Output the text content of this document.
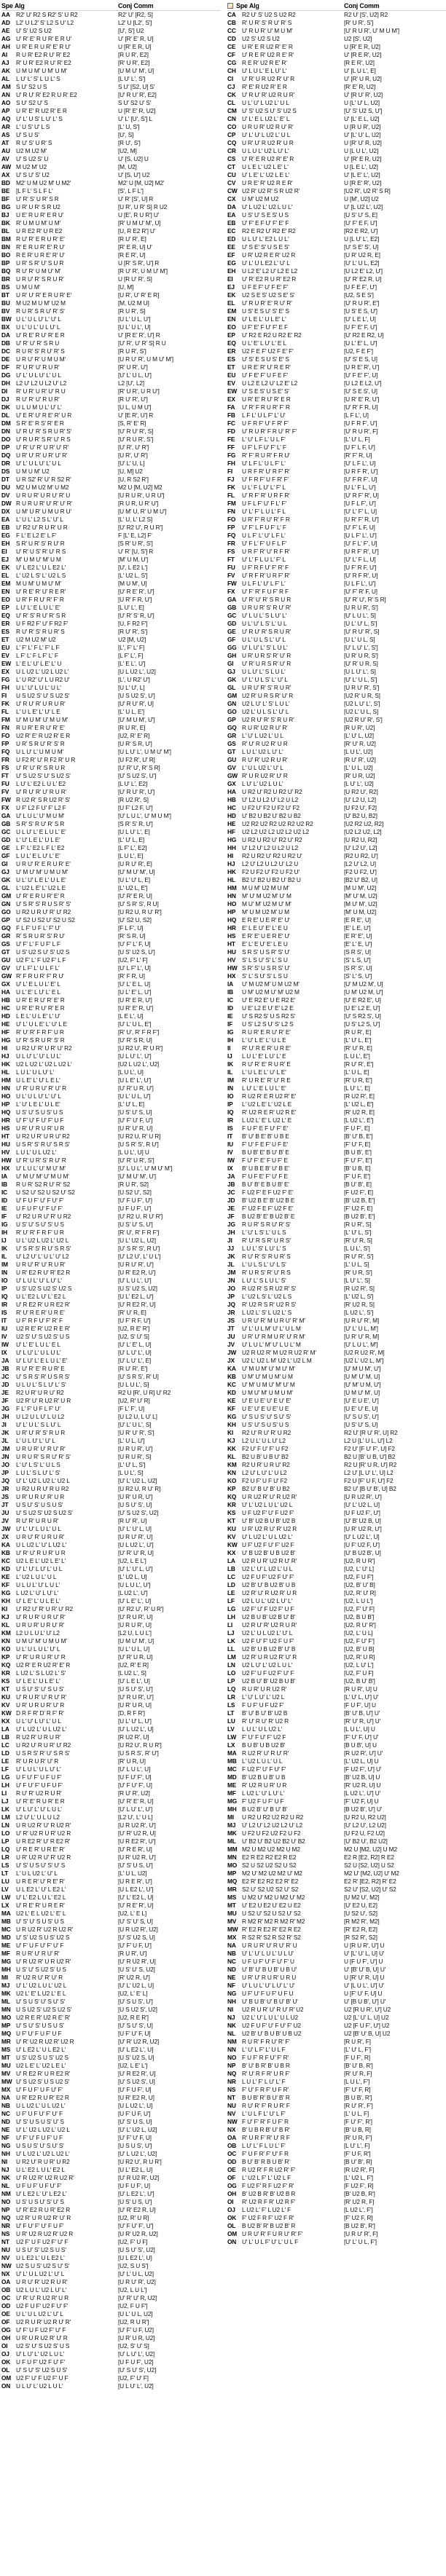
Spe Alg	Conj Comm
AA	R2' U' R2 S R2' S' U R2	R2' U' [R2, S]
AD	L2' U L2' S' L2 S U' L2	L2' U [L2', S']
AE	U' S' U2 S U2	[U', S'] U2
AG U' R' E' R U R' E R U'	U' [R' E' R, U]
AH	U R' E R U R' E' R U'	U [R' E R, U]
AI	R U R' E2 R U' R' E2	[R U R', E2]
AJ	R' U R' E2 R U' R' E2	[R' U R', E2]
AK	U M U M' U M' U M'	[U M U' M', U]
AL	L U' L' S' L U L' S	[L U' L', S']
AM S U' S2 U S	S U' [S2, U] S'
AN	U' R U' R' E2 R U R' E2	[U' R U' R', E2]
AO S U' S2 U' S	S U' S2 U' S'
AP	U R' E' R U2 R' E R	U [R' E' R, U2]
AQ U' L' U S' L U' L' S	U' L' [U', S'] L
AR	L' U S' U' L S	[L' U, S']
AS	U' S U S'	[U', S]
AT	R U' S' U R' S	[R U', S']
AU	U2 M U2 M'	[U2, M]
AV	U' S U2 S' U	U' [S, U2] U
AW M U2 M' U2	[M, U2]
AX	U' S U' S' U2	U' [S, U'] U2
BD	M2' U M U2 M' U M2'	M2' U [M, U2] M2'
BE	[L F L' S L F L'	[S', L F L']
BF	U' R' S' U R' S R	U' R' [S', U] R
BG U R' U R' S R U2	[U R', U R' S] R U2
BJ	U E' R U R' E R U'	U [E', R U R'] U'
BK	R' U M U M' U M'	[R' U M U' M', U]
BL	U R E2 R' U R E2	[U, R E2 R'] U'
BM R U' R' E R U R' E'	[R U' R', E]
BN	R' E R U R' E' R U'	[R' E R, U] U'
BO R E R' U R E' R' U'	[R E R', U]
BP	U R' S R' U' S U R	U [R' S R', U'] R
BQ R U' R' U M U' M'	[R U' R', U M U' M']
BR	U R U' R' S R U R'	U [R U' R', S]
BS	U M U M'	[U, M]
BT	U R' U' R' E R U R' E'	[U R', U' R' E R]
BU	M U2 M U M' U2 M	[M, U2 M U]
BV	R U R' S R U' R' S'	[R U R', S]
BW U L' U L U' L' U' L	[U L' U L, U']
BX	U L' U L' U L U' L	[U L' U L', U]
DA	U' R E' R U' R' E R	U' [R E' R', U'] R
DB	U' R' U' R' S R U	[U' R', U' R' S] R U
DC	R U R' S' R U' R' S	[R U R', S']
DE	U R U' R' U M U M'	[U R U' R', U M U' M']
DF	R' U R' U' R U R'	[R' U R', U']
DG U' L' U L U' L' U L	[U' L' U L, U']
DH	L2 U' L2 U L2 U' L2	L2 [U', L2]
DI	R' U R' U R' U' R U	[R' U R', U R U']
DJ	R U' R' U' R U R'	[R U' R', U']
DK	U L U M U L' U' L'	[U L, U M U']
DL	U' E R' U' R E' R' U R	U' [E R', U'] R
DM S R' E' R S' R' E R	[S, R' E' R]
DN	U' R U' R' S R U R' S'	[U' R U' R', S]
DO U' R U R' S R' U' R S	[U' R U R', S']
DP	U' R' U' R' U R' U' R'	[U' R', U' R']
DQ U R' U' R' U R' U' R'	[U R', U' R']
DR	U' L' U L U' L' U L	[U' L' U, L]
DS	U M U M' U2	[U, M] U2
DT	U R S2' R' U' R S2 R'	[U, R S2 R']
DU	M2 U M U2 M' U M2	M2 U [M, U2] M2
DV	U R U R' U R U' R' U	[U R U R', U R U']
DW R U R U R' U' R' U' R'	[R U R, U R' U']
DX	U M' U R' U M U R U'	[U M' U, R' U M U']
EA	L' U L' L2 S L' U' L	[L' U, L' L2 S]
EB	U' R2 U' R U R' U R	[U' R2 U', R U R']
EG F L' E L2 E' L F'	F [L' E, L2] F'
EH	S R' U R' S' R U' R	[S R' U R', S']
EI	U' R' U S' R' U' R S	U' R' [U, S'] R
EJ	M' U M U' M' U M	[M' U M, U']
EK	U' L E2 L' U L E2 L'	[U', L E2 L']
EL	L' U2 L S' L' U2 L S	[L' U2 L, S']
EM M U M' U M U' M'	[M U M', U]
EN	U' R E' R' U' R E R'	[U' R E' R', U']
EO U R' F R U' R' F' R	[U R' F R, U']
EP	L U' L' E L U L' E'	[L U' L', E]
EQ U' R' S' R U' R' S R	[U' R' S' R, U']
ER	U F R2 F' U' F R2 F'	[U, F R2 F']
ES	R U' R' S' R U R' S	[R U' R', S']
ET	U2 M U2 M' U2	U2 [M, U2]
EU	L' F' L' F L' F' L F	[L', F' L' F]
EV	L F' L' F L F' L' F	[L F' L', F]
EW L' E L' U' L E' L' U	[L' E L', U']
EX	U L U2 L' U2 L U2 L'	[U L U2 L', U2]
FG	L' U R2' U' L U R2 U'	[L', U R2' U']
FH	U L' U' L U L' U L'	[U L' U', L]
FI	U S U2 S' U' S U2 S'	[U S U2 S', U']
FK	U' R U' R' U R U R'	[U' R U' R', U]
FL	L' U L E' L' U' L E	[L' U L, E']
FM	U' M U M' U' M U M'	[U' M U M', U']
FN	R U R' E R U' R' E'	[R U R', E]
FO	U2 R' E' R U2 R' E R	[U2, R' E' R]
FP	U R' S R U' R' S' R	[U R' S R, U']
FQ	U L U' L' U M U M'	[U L U' L', U M U' M']
FR	U F2 R' U' R F2 R' U R	[U F2 R', U' R]
FS	U' R' U' R' S R U R	[U' R' U', R' S R]
FT	U' S U2 S' U' S U2 S'	[U' S U2 S', U']
FU	L U' L' E2 L U L' E2	[L U' L', E2]
FV	U' R U' R' U' R U R'	[U' R U' R', U']
FW R U2 R' S R U2 R' S'	[R U2 R', S]
FX	U F' L2 F U' F' L2 F	[U F' L2 F, U']
GA U' L U L' U' M U M'	[U' L U L', U' M U M']
GB S R' S' R U' R' S R	[S R' S' R, U']
GC U L U' L' E L U L' E'	[U L U' L', E]
GD L' U' L E L' U L E'	[L' U' L, E]
GE L F' L' E2 L F L' E2	[L F' L', E2]
GF	L U L' E L U' L' E'	[L U L', E]
GI	U R U' R' E R U R' E'	[U R U' R', E]
GJ	U' M U' M' U M U M'	[U' M U' M', U]
GK U L' U' L E L' U L E'	[U L' U' L, E]
GL	L' U2 L E' L' U2 L E	[L' U2 L, E']
GM U' R' E R U R' E' R	[U' R' E R, U]
GN U' S R' S' R U S R' S'	[U' S R' S', R U]
GO U R2 U R U' R' U' R2	[U R2 U, R U' R']
GP U' S2 U S2 U' S2 U S2	[U' S2 U, S2]
GQ F L F' U F L' F' U'	[F L F', U]
GR R' S R U R' S' R U'	[R' S R, U]
GS U' F' L' F U F' L F	[U' F' L' F, U]
GT	U S' U2 S U' S' U2 S	[U S' U2 S, U']
GU U2 F' L' F U2 F' L F	[U2, F' L' F]
GV U' L F' L' U L F L'	[U' L F' L', U]
GW R' F R U R' F' R U'	[R' F R, U]
GX U' L' E L U L' E' L	[U' L' E L, U]
HA	U L' E' L U' L' E L	[U L' E' L, U']
HB	U R' E R U' R' E' R	[U R' E R, U']
HC	U R' E' R U' R' E R	[U R' E' R, U']
HD	L E L' U L E' L' U'	[L E L', U]
HE	U' L' U L E' L' U' L E	[U' L' U L, E']
HF	R' U' R' F R F' U R	[R' U', R' F R F']
HG U' R' S R U R' S' R	[U' R' S R, U]
HI	U R2 U' R' U R' U' R2	[U R2 U', R' U R']
HJ	U L U' L' U' L U L'	[U L U' L', U']
HK	U2 L U2 L' U2 L U2 L'	[U2 L U2 L', U2]
HL	L U L' U L U' L'	[L U L', U]
HM U L E' L' U' L E L'	[U L E' L', U']
HN	U' R' U R U' R' U' R	[U' R' U R, U']
HO U L' U L U' L' U' L	[U L' U L, U']
HP	L' U' L E L' U L E'	[L' U' L, E]
HQ U S' U' S U S' U S	[U S' U' S, U]
HR	U' F' U' F U' F' U F	[U' F' U' F, U']
HS	U R' U' R U R' U R	[U R' U' R, U]
HT	U R2 U R' U R U' R2	[U R2 U, R' U R]
HU	U S R' S' R U' S R S'	[U S R' S', R U']
HV	L U L' U L U2 L'	[L U L', U] U
HW U' R' U R' S' R U' R	[U' R' U R', S']
HX	U' L U L' U' M U' M'	[U' L U L', U' M U' M']
IA	U' M U' M' U' M U M'	[U' M U' M', U']
IB	R U R' S2 R U' R' S2	[R U R', S2]
IC	U S2 U' S2 U S2 U' S2	[U S2 U', S2]
ID	U' F U F' U' F U' F'	[U' F U F', U']
IE	U F U F' U' F U' F'	[U F U F', U']
IF	U' R2 U R U' R' U R2	[U' R2 U, R U' R']
IG	U S' U' S U' S' U S	[U S' U' S, U']
IH	R' U' R' F R F' U R	[R' U', R' F R F']
IJ	U L' U2 L U2 L' U2 L	[U L' U2 L, U2]
IK	U' S R' S' R U' S R S'	[U' S R' S', R U']
IL	U' L2 U' L' U L' U' L2	[U' L2 U', L' U L']
IM	U R U' R' U' R U R'	[U R U' R', U']
IN	U R' E2 R U' R' E2 R	[U R' E2 R, U']
IO	U' L U L' U' L U' L'	[U' L U L', U']
IP	U S' U2 S U2 S' U2 S	[U S' U2 S, U2]
IQ	U L' E2 L U' L' E2 L	[U L' E2 L, U']
IR	U' R E2 R' U R E2 R'	[U' R E2 R', U]
IS	R' U' R E R' U R E'	[R' U' R, E]
IT	U F' R F U' F' R' F	[U F' R F, U']
IU	U2 R E' R' U2 R E R'	[U2, R E' R']
IV	U2 S' U' S U2 S' U S	[U2, S' U' S]
IW	U' L' E' L U L' E L	[U' L' E' L, U]
IX	U' L U' L' U L U L'	[U' L U' L', U]
JA	U' L U' L' E L U L' E'	[U' L U' L', E]
JB	R U' R' E' R U R' E	[R U' R', E']
JC	U' S R S' R' U S R S'	[U' S R S', R' U]
JD	U L U L' S L U' L' S'	[U L U L', S]
JE	R2 U R' U R U' R2	R2 U [R', U R] U' R2
JF	U2 R' U' R U2 R' U R	[U2, R' U' R]
JG	F L' F' U F L F' U'	[F L' F', U]
JH	U L2 U L U' L U L2	[U L2 U, L U' L]
JI	U' L' U L' S L U' L	[U' L' U L', S]
JK	U R' U' R' S' R U R	[U R' U' R', S']
JL	L' U L U' L' U' L	[L' U L, U']
JM	U R U R' U' R U' R'	[U R U R', U']
JN	U R U R' S R U' R' S'	[U R U R', S]
JO	L' U' L S' L' U L S	[L' U' L, S']
JP	L U L' S L U' L' S'	[L U L', S]
JQ	U' L' U2 L U2 L' U2 L	[U' L' U2 L, U2]
JR	U R2 U R U' R U R2	[U R2 U, R U' R]
JS	U R' U R U' R' U R	[U R' U R, U']
JT	U S U' S' U S U S'	[U S U' S', U]
JU	U' S U2 S' U2 S U2 S'	[U' S U2 S', U2]
JV	R U' R' U R U R'	[R U' R', U]
JW U' L' U' L U L' U L	[U' L' U' L, U]
JX	U R U' R' U R U R'	[U R U' R', U]
KA	U L U2 L' U' L U2 L'	[U L U2 L', U']
KB	U' R' U' R U R' U R	[U' R' U' R, U]
KC	U2 L E L' U2 L E' L'	[U2, L E L']
KD	U' L' U' L U' L' U L	[U' L' U' L, U']
KE	L' U2 L U L' U L	[L' U2 L, U]
KF	U L U L' U' L U L'	[U L U L', U']
KG L U2 L' U' L U' L'	[L U2 L', U']
KH	U' L E' L' U L E L'	[U' L E' L', U]
KI	U' R2 U' R' U R' U' R2	[U' R2 U', R' U R']
KJ	U' R U R' U R U' R'	[U' R U R', U]
KL	U R U R' U R U' R'	[U R U R', U]
KM L2 U L U L' U' L2	[L2 U, L U L']
KN	U M U' M' U M U M'	[U M U' M', U]
KO U L' U L U L' U' L	[U L' U L, U]
KP	U' R' U R U R' U' R	[U' R' U R, U]
KQ U2 R' E R U2 R' E' R	[U2, R' E R]
KR	L U2 L' S L U2 L' S'	[L U2 L', S]
KS	U' L E L' U L E' L'	[U' L E L', U]
KT	U S U' S' U' S U S'	[U S U' S', U']
KU	U' R U R' U' R U' R'	[U' R U R', U']
KV	U R' U R U R' U' R	[U R' U R, U]
KW D R F R' D' R F' R'	[D, R F R']
KX	U L' U' L U' L' U L	[U L' U' L, U']
LA	U' L U2 L' U L U2 L'	[U' L U2 L', U]
LB	R U2 R' U R U R'	[R U2 R', U]
LC	U R2 U' R U R' U' R2	[U R2 U', R U R']
LD	U S R S' R' U' S R S'	[U S R S', R' U']
LE	R' U R U R' U' R	[R' U R, U]
LF	U' L U L' U L U' L'	[U' L U L', U]
LG	U F U' F' U F U F'	[U F U' F', U]
LH	U' F U' F' U F U F'	[U' F U' F', U]
LI	R U' R' U2 R U R'	[R U' R', U2]
LJ	U' R' E' R U R' E R	[U' R' E' R, U]
LK	U' L U' L' U' L U L'	[U' L U' L', U']
LM	L2 U' L' U L U L2	[L2 U', L' U L]
LN	U R U2 R' U' R U2 R'	[U R U2 R', U']
LO	U' R' U2 R U R' U2 R	[U' R' U2 R, U]
LP	U R E2 R' U' R E2 R'	[U R E2 R', U']
LQ	U' R E R' U R E' R'	[U' R E R', U]
LR	U R' U2 R U' R' U2 R	[U R' U2 R, U']
LS	U' S' U S U' S' U' S	[U' S' U S, U']
LT	L' U L U2 L' U' L	[L' U L, U2]
LU	U R E R' U' R E' R'	[U R E R', U']
LV	U L E2 L' U' L E2 L'	[U L E2 L', U']
LW U' L' E2 L U L' E2 L	[U' L' E2 L, U]
LX	U' R E' R' U R E R'	[U' R E' R', U]
MA U2 L' E L U2 L' E' L	[U2, L' E L]
MB U' S' U' S U S' U S	[U' S' U' S, U]
MC U R U2 R' U2 R U2 R'	[U R U2 R', U2]
MD U' S' U2 S U S' U2 S	[U' S' U2 S, U]
ME U' F' U F U' F' U' F	[U' F' U F, U']
MF	R U R' U' R U' R'	[R U R', U']
MG U' R U2 R' U R U2 R'	[U' R U2 R', U]
MH U S' U' S U2 S' U S	[U S' U' S, U2]
MI	R' U2 R U' R' U' R	[R' U2 R, U']
MJ	U' L' U2 L U L' U2 L	[U' L' U2 L, U]
MK U2 L' E' L U2 L' E L	[U2, L' E' L]
ML	U' S U S' U' S U' S'	[U' S U S', U']
MN U S U2 S' U2 S U2 S'	[U S U2 S', U2]
MO U2 R E R' U2 R E' R'	[U2, R E R']
MP U' S U' S' U S U S'	[U' S U' S', U]
MQ U F' U' F U F' U F	[U F' U' F, U]
MR U' R' U2 R U2 R' U2 R	[U' R' U2 R, U2]
MS U' L E2 L' U L E2 L'	[U' L E2 L', U]
MT	U S' U2 S U S' U2 S	[U S' U2 S, U]
MU U2 L E' L' U2 L E L'	[U2, L E' L']
MV U' R E2 R' U R E2 R'	[U' R E2 R', U]
MW U' S U2 S' U S U2 S'	[U' S U2 S', U]
MX U' F U F' U F U' F'	[U' F U F', U]
NA	U R' E2 R U R' E2 R	[U R' E2 R, U]
NB	U L U2 L' U L U2 L'	[U L U2 L', U]
NC	U F' U F U' F' U' F	[U F' U F, U']
ND	U' S' U S U S' U' S	[U' S' U S, U]
NE	U' L' U2 L U2 L' U2 L	[U' L' U2 L, U2]
NF	U' F' U' F U F' U F	[U' F' U' F, U]
NG U S U S' U' S U' S'	[U S U S', U']
NH	U' L U2 L' U2 L U2 L'	[U' L U2 L', U2]
NI	U R2 U' R U R' U R2	[U R2 U', R U R']
NJ	U L' E2 L U L' E2 L	[U L' E2 L, U]
NK	U' R U2 R' U2 R U2 R'	[U' R U2 R', U2]
NL	U F U F' U F U' F'	[U F U F', U]
NM U' L E2 L' U' L E2 L'	[U' L E2 L', U']
NO U S' U S U' S' U' S	[U S' U S, U']
NP	U' R' E2 R U R' E2 R	[U' R' E2 R, U]
NQ U2 R' U R U2 R' U' R	[U2, R' U R]
NR	U' F U' F' U' F U F'	[U' F U' F', U']
NS	U R' U2 R U2 R' U2 R	[U R' U2 R, U2]
NT	U2 F' U F U2 F' U' F	[U2, F' U F]
NU	U S U' S' U2 S U S'	[U S U' S', U2]
NV	U L E2 L' U L E2 L'	[U L E2 L', U]
NW U2 S U S' U2 S U' S'	[U2, S U S']
NX	U' L' U L U2 L' U' L	[U' L' U L, U2]
OA U R U' R' U2 R U R'	[U R U' R', U2]
OB U2 L U L' U2 L U' L'	[U2, L U L']
OC U' R' U' R U2 R' U R	[U' R' U' R, U2]
OD U2 F U F' U2 F U' F'	[U2, F U F']
OE U L' U L U2 L' U' L	[U L' U L, U2]
OF	U2 R U R' U2 R U' R'	[U2, R U R']
OG U' F' U F U2 F' U' F	[U' F' U F, U2]
OH U R' U R U2 R' U' R	[U R' U R, U2]
OI	U2 S' U' S U2 S' U S	[U2, S' U' S]
OJ	U' L U' L' U2 L U L'	[U' L U' L', U2]
OK U F U F' U2 F U' F'	[U F U F', U2]
OL	U' S U' S' U2 S U S'	[U' S U' S', U2]
OM U2 F' U' F U2 F' U F	[U2, F' U' F]
ON U L U' L' U2 L U L'	[U L U' L', U2]
Spe Alg	Conj Comm
CA	R2 U' S' U2 S U2 R2	R2 U' [S', U2] R2
CB	R' U R' S' R U' R' S	[R' U R', S']
CC	U' R U R' U' M U M'	[U' R U R', U' M U M']
CD	U2 S' U2 S U2	U2 [S', U2]
CE	U R' E R U2 R' E' R	U [R' E R, U2]
CF	U' R E R' U2 R E' R'	U' [R E R', U2]
CG R E R' U2 R E' R'	[R E R', U2]
CH	U' L U L' E L U' L'	U' [L U L', E]
CI	U' R' U R U2 R' U' R	U' [R' U R, U2]
CJ	R' E' R U2 R' E R	[R' E' R, U2]
CK	U' R U' R' U2 R U R'	U' [R U' R', U2]
CL	U L' U' L U2 L' U L	U [L' U' L, U2]
CM U' S' U2 S U' S' U2 S	[U' S' U2 S, U']
CN	U' L' E L U2 L' E' L	U' [L' E L, U2]
CO U R U R' U2 R U' R'	U [R U R', U2]
CP	U' L' U' L U2 L' U L	U' [L' U' L, U2]
CQ U R' U' R U2 R' U R	U [R' U' R, U2]
CR	U L U L' U2 L U' L'	U [L U L', U2]
CS	U' R' E R U2 R' E' R	U' [R' E R, U2]
CT	U L E L' U2 L E' L'	U [L E L', U2]
CU	U' L E' L' U2 L E L'	U' [L E' L', U2]
CV	U R E' R' U2 R E R'	U [R E' R', U2]
CW U2 R' U2 R' S R U2 R'	[U2 R', U2 R' S R]
CX	U M' U2 M U2	U [M', U2] U2
DA	U' L U2 L' U2 L U L'	U' [L U2 L', U2]
EA	U S' U' S E S' U S	[U S' U' S, E]
EB	U' F' E F U' F' E' F	[U' F' E F, U']
EC	R2 E R2 U' R2 E' R2	[R2 E R2, U']
ED	U L U' L' E2 L U L'	U [L U' L', E2]
EE	U' S E' S' U S E S'	[U' S E' S', U]
EF	U R' U2 R E R' U2 R	[U R' U2 R, E]
EG U' L' U L E2 L' U' L	[U' L' U L, E2]
EH	U L2 E' L2 U' L2 E L2	[U L2 E' L2, U']
EI	U' R' E2 R U R' E2 R	[U' R' E2 R, U]
EJ	U F E F' U' F E' F'	[U F E F', U']
EK	U2 S E S' U2 S E' S'	[U2, S E S']
EL	U' R U R' E' R U' R'	[U' R U R', E']
EM U S' E S U' S' E' S	[U S' E S, U']
EN	U' L E L' U L E' L'	[U' L E L', U]
EO U F' E' F U' F' E F	[U F' E' F, U']
EP	U' R2 E R2 U R2 E' R2	[U' R2 E R2, U]
EQ U L' E' L U' L' E L	[U L' E' L, U']
ER	U2 F E F' U2 F E' F'	[U2, F E F']
ES	U' S' E S U S' E' S	[U' S' E S, U]
ET	U R E' R' U' R E R'	[U R E' R', U']
EU	U' F E' F' U F E F'	[U' F E' F', U]
EV	U L2 E L2 U' L2 E' L2	[U L2 E L2, U']
EW U' S E S' U S E' S'	[U' S E S', U]
EX	U R' E' R U' R' E R	[U R' E' R, U']
FA	U' R' F R U R' F' R	[U' R' F R, U]
FB	L F L' U L F' L' U'	[L F L', U]
FC	U F R F' U' F R' F'	[U F R F', U']
FD	U' R U R' F R U' R' F'	[U' R U R', F]
FE	L' U' L F L' U L F'	[L' U' L, F]
FF	U F' L F U' F' L' F	[U F' L F, U']
FG	R' F' R U R' F R U'	[R' F' R, U]
FH	U' L F L' U L F' L'	[U' L F L', U]
FI	U R F R' U' R F' R'	[U R F R', U']
FJ	U' F R F' U F R' F'	[U' F R F', U]
FK	U L' F L U' L' F' L	[U L' F L, U']
FL	U' R F' R' U R F R'	[U' R F' R', U]
FM	U F L F' U' F L' F'	[U F L F', U']
FN	U' L' F' L U L' F L	[U' L' F' L, U]
FO	U R' F' R U' R' F R	[U R' F' R, U']
FP	U' F' L F U F' L' F	[U' F' L F, U]
FQ	U L F' L' U' L F L'	[U L F' L', U']
FR	U' F L' F' U F L F'	[U' F L' F', U]
FS	U R F' R' U' R F R'	[U R F' R', U']
FT	U' L' F L U L' F' L	[U' L' F L, U]
FU	U F' R F U' F' R' F	[U F' R F, U']
FV	U' R F R' U R F' R'	[U' R F R', U]
FW U L F L' U' L F' L'	[U L F L', U']
FX	U' F' R' F U F' R F	[U' F' R' F, U]
GA U' R' U' R' S R U R	[U' R' U', R' S R]
GB U R U R' S' R U' R'	[U R U R', S']
GC U' L U L' S L U' L'	[U' L U L', S]
GD U L' U' L S' L' U L	[U L' U' L, S']
GE U' R U' R' S R U R'	[U' R U' R', S]
GF	U L' U L S L' U' L	[U L' U L, S]
GG U' L U' L' S' L U L'	[U' L U' L', S']
GH U R' U R S' R' U' R	[U R' U R, S']
GI	U' R' U R S R' U' R	[U' R' U R, S]
GJ	U L U' L' S L U L'	[U L U' L', S]
GK U' L' U L S' L' U' L	[U' L' U L, S']
GL	U R U' R' S' R U R'	[U R U' R', S']
GM U2 R' U R S R' U' R	[U2 R' U R, S]
GN U2 L U' L' S' L U L'	[U2 L U' L', S']
GO U2 L' U L S L' U' L	[U2 L' U L, S]
GP U2 R U' R' S' R U R'	[U2 R U' R', S']
GQ R U R' U2 R U' R'	[R U R', U2]
GR L' U' L U2 L' U L	[L' U' L, U2]
GS R' U' R U2 R' U R	[R' U' R, U2]
GT	L U L' U2 L U' L'	[L U L', U2]
GU R U' R' U2 R U R'	[R U' R', U2]
GV L' U L U2 L' U' L	[L' U L, U2]
GW R' U R U2 R' U' R	[R' U R, U2]
GX L U' L' U2 L U L'	[L U' L', U2]
HA	U R2 U' R2 U R2 U' R2	[U R2 U', R2]
HB	U' L2 U L2 U' L2 U L2	[U' L2 U, L2]
HC	U F2 U' F2 U F2 U' F2	[U F2 U', F2]
HD	U' B2 U B2 U' B2 U B2	[U' B2 U, B2]
HE	U2 R2 U2 R2 U2 R2 U2 R2	[U2 R2 U2, R2]
HF	U2 L2 U2 L2 U2 L2 U2 L2	[U2 L2 U2, L2]
HG U R2 U R2 U' R2 U' R2	[U R2 U, R2]
HH	U' L2 U' L2 U L2 U L2	[U' L2 U', L2]
HI	R2 U R2 U' R2 U R2 U'	[R2 U R2, U']
HJ	L2 U' L2 U L2 U' L2 U	[L2 U' L2, U]
HK	F2 U F2 U' F2 U F2 U'	[F2 U F2, U']
HL	B2 U' B2 U B2 U' B2 U	[B2 U' B2, U]
HM M U M' U2 M U M'	[M U M', U2]
HN	M' U' M U2 M' U' M	[M' U' M, U2]
HO M U' M' U2 M U' M'	[M U' M', U2]
HP	M' U M U2 M' U M	[M' U M, U2]
HQ E R E' U E R' E' U'	[E R E', U]
HR	E' L E U' E' L' E U	[E' L E, U']
HS	E R' E' U E R E' U'	[E R' E', U]
HT	E' L' E U' E' L E U	[E' L' E, U']
HU	S R S' U S R' S' U'	[S R S', U]
HV	S' L S U' S' L' S U	[S' L S, U']
HW S R' S' U S R S' U'	[S R' S', U]
HX	S' L' S U' S' L S U	[S' L' S, U']
IA	U' M U2 M' U M U2 M'	[U' M U2 M', U]
IB	U M' U2 M U' M' U2 M	[U M' U2 M, U']
IC	U' E R2 E' U E R2 E'	[U' E R2 E', U]
ID	U E' L2 E U' E' L2 E	[U E' L2 E, U']
IE	U' S R2 S' U S R2 S'	[U' S R2 S', U]
IF	U S' L2 S U' S' L2 S	[U S' L2 S, U']
IG	R U R' E R U' R' E'	[R U R', E]
IH	L' U' L E' L' U L E	[L' U' L, E']
II	R' U' R E R' U R E'	[R' U' R, E]
IJ	L U L' E' L U' L' E	[L U L', E']
IK	R U' R' E' R U R' E	[R U' R', E']
IL	L' U L E L' U' L E'	[L' U L, E]
IM	R' U R E' R' U' R E	[R' U R, E']
IN	L U' L' E L U L' E'	[L U' L', E]
IO	R U2 R' E R U2 R' E'	[R U2 R', E]
IP	L' U2 L E' L' U2 L E	[L' U2 L, E']
IQ	R' U2 R E R' U2 R E'	[R' U2 R, E]
IR	L U2 L' E' L U2 L' E	[L U2 L', E']
IS	F U F' E F U' F' E'	[F U F', E]
IT	B' U' B E' B' U B E	[B' U' B, E']
IU	F' U' F E F' U F E'	[F' U' F, E]
IV	B U B' E' B U' B' E	[B U B', E']
IW	F U' F' E' F U F' E	[F U' F', E']
IX	B' U B E B' U' B E'	[B' U B, E]
JA	F' U F E' F' U' F E	[F' U F, E']
JB	B U' B' E B U B' E'	[B U' B', E]
JC	F U2 F' E F U2 F' E'	[F U2 F', E]
JD	B' U2 B E' B' U2 B E	[B' U2 B, E']
JE	F' U2 F E F' U2 F E'	[F' U2 F, E]
JF	B U2 B' E' B U2 B' E	[B U2 B', E']
JG	R U R' S R U' R' S'	[R U R', S]
JH	L' U' L S' L' U L S	[L' U' L, S']
JI	R' U' R S R' U R S'	[R' U' R, S]
JJ	L U L' S' L U' L' S	[L U L', S']
JK	R U' R' S' R U R' S	[R U' R', S']
JL	L' U L S L' U' L S'	[L' U L, S]
JM	R' U R S' R' U' R S	[R' U R, S']
JN	L U' L' S L U L' S'	[L U' L', S]
JO	R U2 R' S R U2 R' S'	[R U2 R', S]
JP	L' U2 L S' L' U2 L S	[L' U2 L, S']
JQ	R' U2 R S R' U2 R S'	[R' U2 R, S]
JR	L U2 L' S' L U2 L' S	[L U2 L', S']
JS	U R U' R' M U R U' R' M'	[U R U' R', M]
JT	U' L' U L M' U' L' U L M	[U' L' U L, M']
JU	U R' U' R M U R' U' R M'	[U R' U' R, M]
JV	U' L U L' M' U' L U L' M	[U' L U L', M']
JW U2 R U2 R' M U2 R U2 R' M'	[U2 R U2 R', M]
JX	U2 L' U2 L M' U2 L' U2 L M	[U2 L' U2 L, M']
KA	U' M U M' U' M U' M'	[U' M U M', U']
KB	U M' U' M U M' U M	[U M' U' M, U]
KC	U' M' U M U' M' U' M	[U' M' U M, U']
KD	U M U' M' U M U M'	[U M U' M', U]
KE	U' E U E' U' E U' E'	[U' E U E', U']
KF	U E' U' E U E' U E	[U E' U' E, U]
KG U' S U S' U' S U' S'	[U' S U S', U']
KH	U S' U' S U S' U S	[U S' U' S, U]
KI	R2 U' R U' R' U R2	R2 U' [R U' R', U] R2
KJ	L2 U L' U L U' L2	L2 U [L' U L, U'] L2
KK	F2 U' F U' F' U F2	F2 U' [F U' F', U] F2
KL	B2 U B' U B U' B2	B2 U [B' U B, U'] B2
KM R2 U R' U R U' R2	R2 U [R' U R, U'] R2
KN	L2 U' L U' L' U L2	L2 U' [L U' L', U] L2
KO F2 U F' U F U' F2	F2 U [F' U F, U'] F2
KP	B2 U' B U' B' U B2	B2 U' [B U' B', U] B2
KQ U R U2 R' U' R U2 R'	[U R U2 R', U']
KR	U' L' U2 L U L' U2 L	[U' L' U2 L, U]
KS	U F U2 F' U' F U2 F'	[U F U2 F', U']
KT	U' B' U2 B U B' U2 B	[U' B' U2 B, U]
KU	U R' U2 R U' R' U2 R	[U R' U2 R, U']
KV	U' L U2 L' U L U2 L'	[U' L U2 L', U]
KW U F' U2 F U' F' U2 F	[U F' U2 F, U']
KX	U' B U2 B' U B U2 B'	[U' B U2 B', U]
LA	U2 R U R' U2 R U' R'	[U2, R U R']
LB	U2 L' U' L U2 L' U L	[U2, L' U' L]
LC	U2 F U F' U2 F U' F'	[U2, F U F']
LD	U2 B' U' B U2 B' U B	[U2, B' U' B]
LE	U2 R' U' R U2 R' U R	[U2, R' U' R]
LF	U2 L U L' U2 L U' L'	[U2, L U L']
LG	U2 F' U' F U2 F' U F	[U2, F' U' F]
LH	U2 B U B' U2 B U' B'	[U2, B U B']
LI	U2 R U' R' U2 R U R'	[U2, R U' R']
LJ	U2 L' U L U2 L' U' L	[U2, L' U L]
LK	U2 F U' F' U2 F U F'	[U2, F U' F']
LL	U2 B' U B U2 B' U' B	[U2, B' U B]
LM	U2 R' U R U2 R' U' R	[U2, R' U R]
LN	U2 L U' L' U2 L U L'	[U2, L U' L']
LO	U2 F' U F U2 F' U' F	[U2, F' U F]
LP	U2 B U' B' U2 B U B'	[U2, B U' B']
LQ	R U R' U R U2 R'	[R U R', U] U
LR	L' U' L U' L' U2 L	[L' U' L, U'] U'
LS	F U F' U F U2 F'	[F U F', U] U
LT	B' U' B U' B' U2 B	[B' U' B, U'] U'
LU	R' U' R U' R' U2 R	[R' U' R, U'] U'
LV	L U L' U L U2 L'	[L U L', U] U
LW F' U' F U' F' U2 F	[F' U' F, U'] U'
LX	B U B' U B U2 B'	[B U B', U] U
MA R U2 R' U' R U' R'	[R U2 R', U'] U'
MB L' U2 L U L' U L	[L' U2 L, U] U
MC F U2 F' U' F U' F'	[F U2 F', U'] U'
MD B' U2 B U B' U B	[B' U2 B, U] U
ME R' U2 R U R' U R	[R' U2 R, U] U
MF	L U2 L' U' L U' L'	[L U2 L', U'] U'
MG F' U2 F U F' U F	[F' U2 F, U] U
MH B U2 B' U' B U' B'	[B U2 B', U'] U'
MI	U R2 U R2 U2 R2 U R2	[U R2 U, R2 U2]
MJ	U' L2 U' L2 U2 L2 U' L2	[U' L2 U', L2 U2]
MK U F2 U F2 U2 F2 U F2	[U F2 U, F2 U2]
ML	U' B2 U' B2 U2 B2 U' B2	[U' B2 U', B2 U2]
MM M2 U M2 U2 M2 U M2	M2 U [M2, U2] U M2
MN E2 R E2 R2 E2 R E2	E2 R [E2, R2] R E2
MO S2 U S2 U2 S2 U S2	S2 U [S2, U2] U S2
MP M2 U' M2 U2 M2 U' M2	M2 U' [M2, U2] U' M2
MQ E2 R' E2 R2 E2 R' E2	E2 R' [E2, R2] R' E2
MR S2 U' S2 U2 S2 U' S2	S2 U' [S2, U2] U' S2
MS U M2 U' M2 U M2 U' M2	[U M2 U', M2]
MT	U' E2 U E2 U' E2 U E2	[U' E2 U, E2]
MU U S2 U' S2 U S2 U' S2	[U S2 U', S2]
MV R M2 R' M2 R M2 R' M2	[R M2 R', M2]
MW R' E2 R E2 R' E2 R E2	[R' E2 R, E2]
MX R S2 R' S2 R S2 R' S2	[R S2 R', S2]
NA	U R U R' U' R U' R' U	U [R U R', U'] U
NB	U' L' U' L U L' U L U'	U' [L' U' L, U] U'
NC	U F U F' U' F U' F' U	U [F U F', U'] U
ND	U' B' U' B U B' U B U'	U' [B' U' B, U] U'
NE	U R' U' R U R' U R U	U [R' U' R, U] U
NF	U' L U L' U' L U' L' U'	U' [L U L', U'] U'
NG U F' U' F U F' U F U	U [F' U' F, U] U
NH	U' B U B' U' B U' B' U'	U' [B U B', U'] U'
NI	U2 R U R' U' R U' R' U2	U2 [R U R', U'] U2
NJ	U2 L' U' L U L' U L U2	U2 [L' U' L, U] U2
NK	U2 F U F' U' F U' F' U2	U2 [F U F', U'] U2
NL	U2 B' U' B U B' U B U2	U2 [B' U' B, U] U2
NM R U R' F R U' R' F'	[R U R', F]
NN	L' U' L F' L' U L F	[L' U' L, F']
NO F U F' R F U' F' R'	[F U F', R]
NP	B' U' B R' B' U B R	[B' U' B, R']
NQ R' U' R F R' U R F'	[R' U' R, F]
NR	L U L' F' L U' L' F	[L U L', F']
NS	F' U' F R F' U F R'	[F' U' F, R]
NT	B U B' R' B U' B' R	[B U B', R']
NU	R U' R' F' R U R' F	[R U' R', F']
NV	L' U L F L' U' L F'	[L' U L, F]
NW F U' F' R' F U F' R	[F U' F', R']
NX	B' U B R B' U' B R'	[B' U B, R]
OA R' U R F' R' U' R F	[R' U R, F']
OB L U' L' F L U L' F'	[L U' L', F]
OC F' U F R' F' U' F R	[F' U F, R']
OD B U' B' R B U B' R'	[B U' B', R]
OE R U2 R' F R U2 R' F'	[R U2 R', F]
OF	L' U2 L F' L' U2 L F	[L' U2 L, F']
OG F U2 F' R F U2 F' R'	[F U2 F', R]
OH B' U2 B R' B' U2 B R	[B' U2 B, R']
OI	R' U2 R F R' U2 R F'	[R' U2 R, F]
OJ	L U2 L' F' L U2 L' F	[L U2 L', F']
OK F' U2 F R F' U2 F R'	[F' U2 F, R]
OL	B U2 B' R' B U2 B' R	[B U2 B', R']
OM U R U' R' F U R U' R' F'	[U R U' R', F]
ON U' L' U L F' U' L' U L F	[U' L' U L, F']
